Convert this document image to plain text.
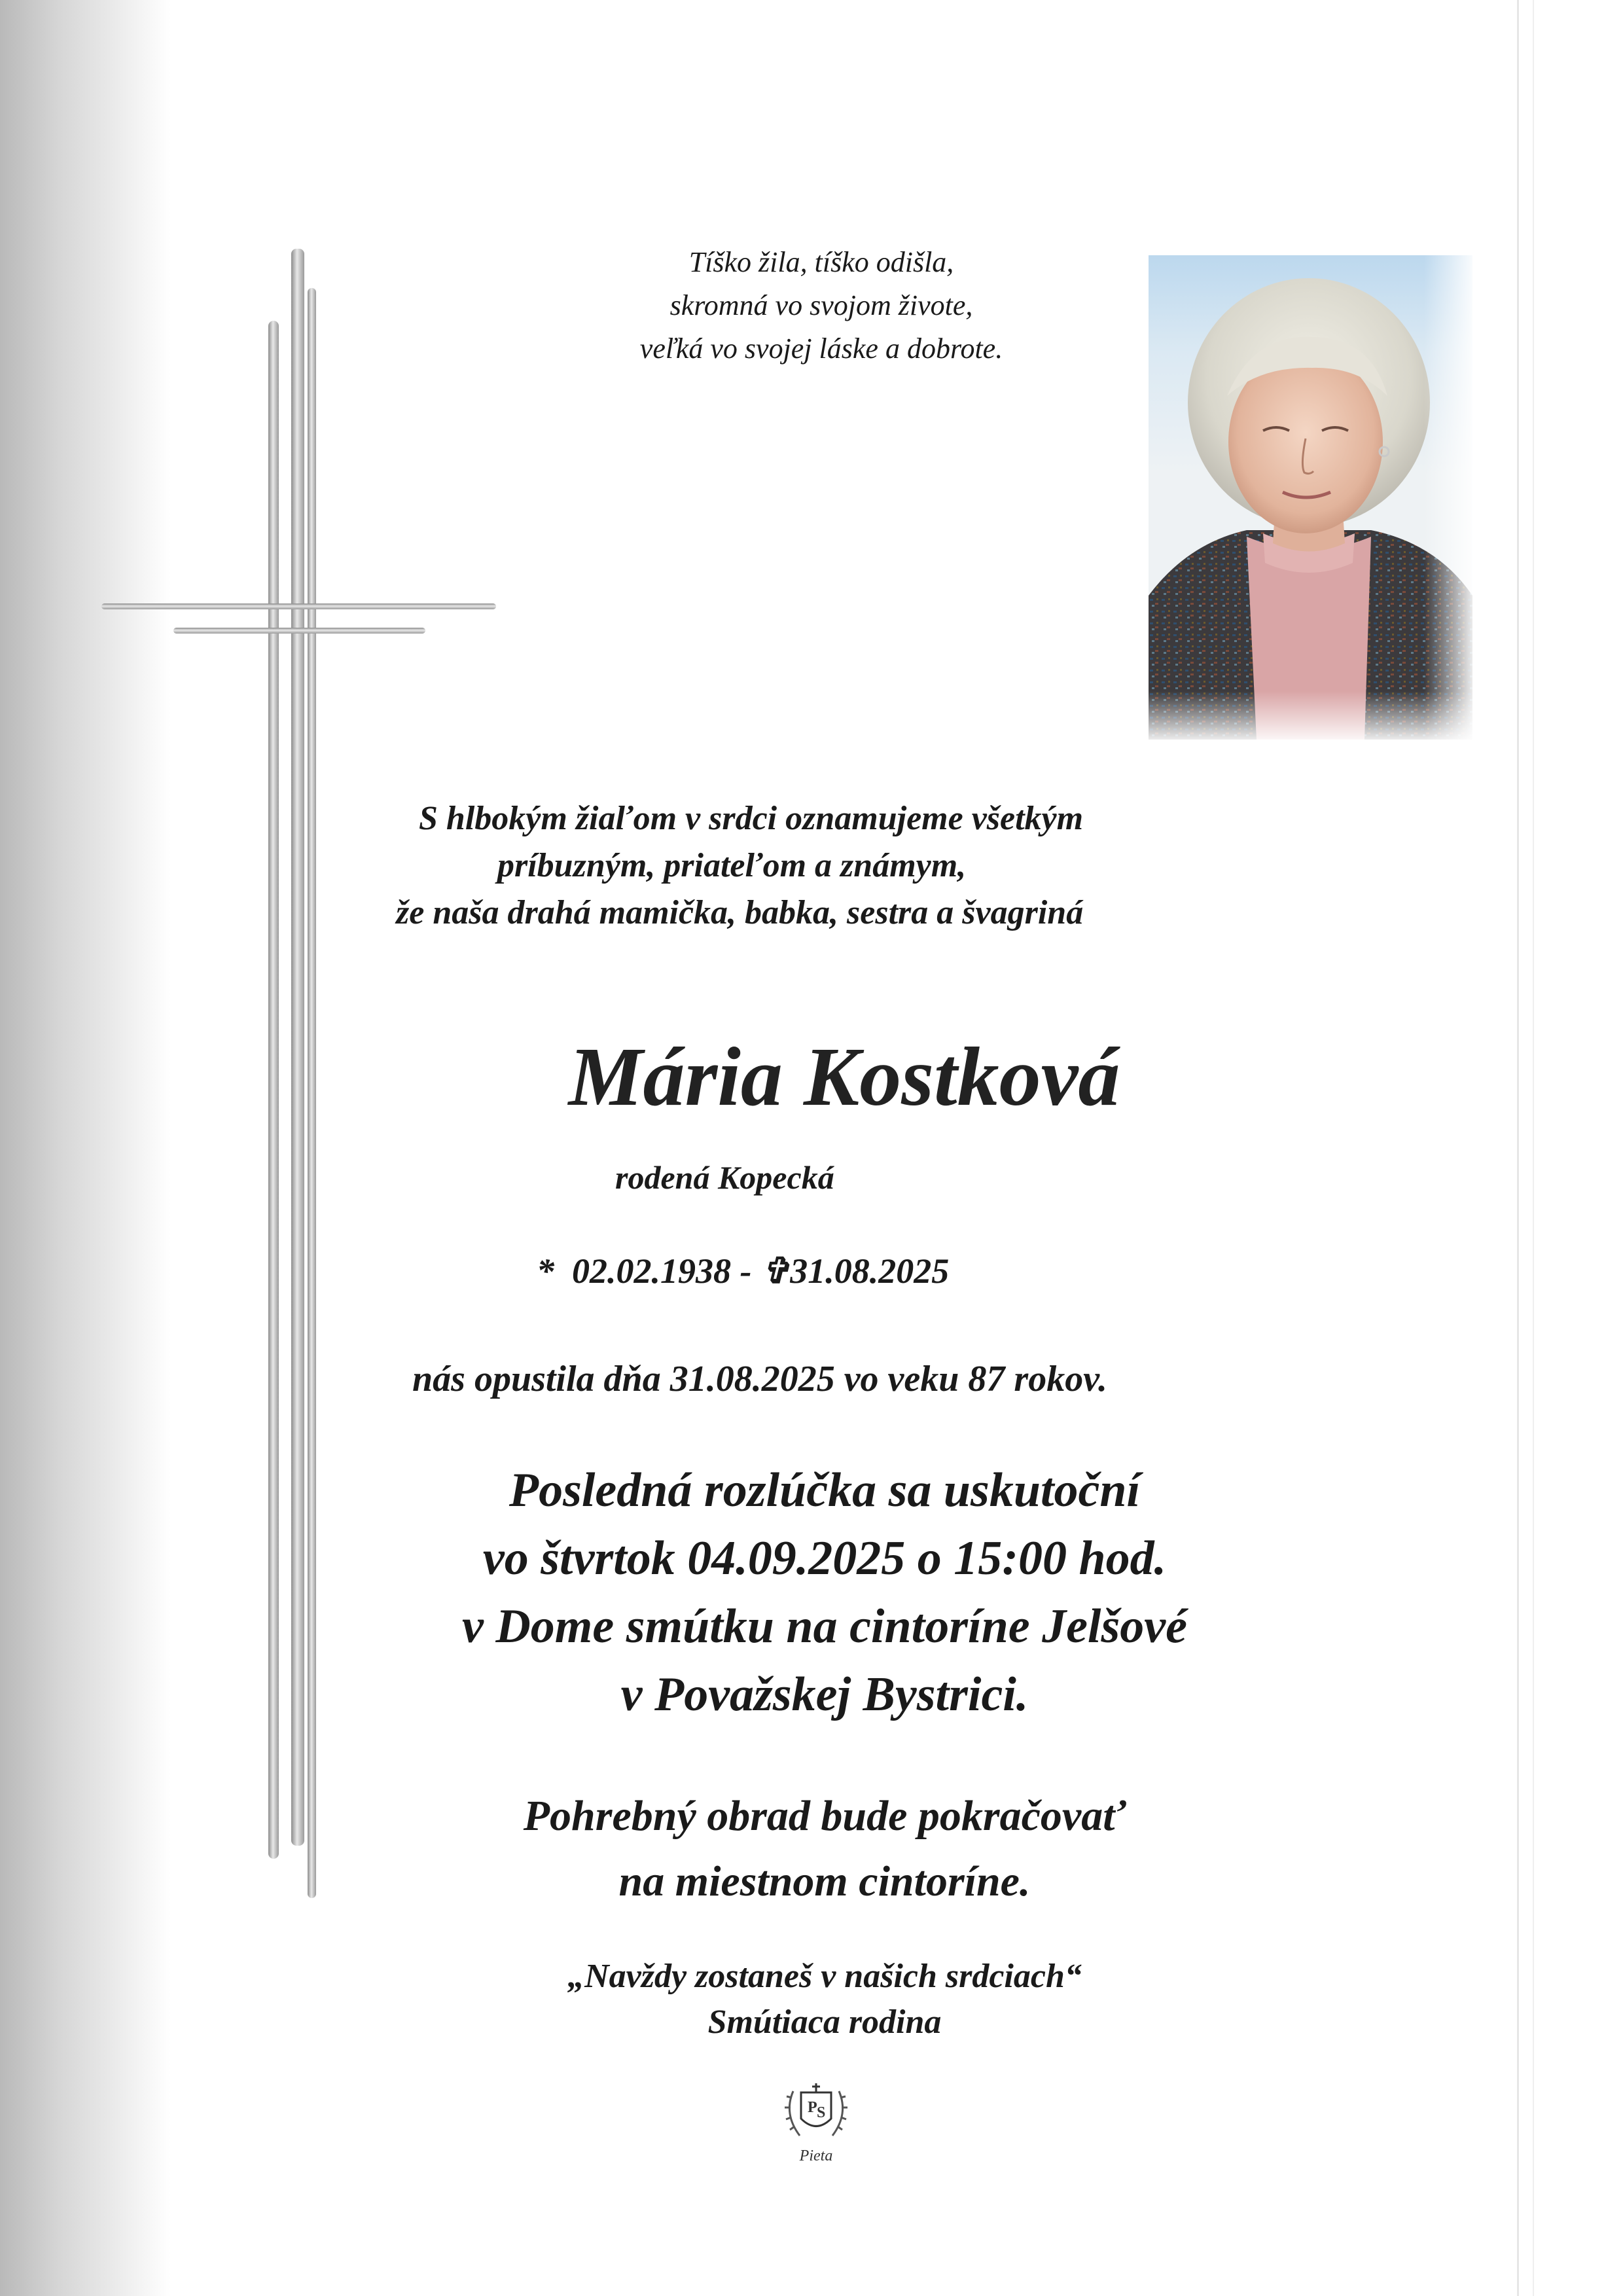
Tíško žila, tíško odišla,
skromná vo svojom živote,
veľká vo svojej láske a dobrote.
S hlbokým žiaľom v srdci oznamujeme všetkým
príbuzným, priateľom a známym,
že naša drahá mamička, babka, sestra a švagriná
Mária Kostková
rodená Kopecká
* 02.02.1938 - ✞31.08.2025
nás opustila dňa 31.08.2025 vo veku 87 rokov.
Posledná rozlúčka sa uskutoční
vo štvrtok 04.09.2025 o 15:00 hod.
v Dome smútku na cintoríne Jelšové
v Považskej Bystrici.
Pohrebný obrad bude pokračovať
na miestnom cintoríne.
„Navždy zostaneš v našich srdciach“
Smútiaca rodina
P S
Pieta
